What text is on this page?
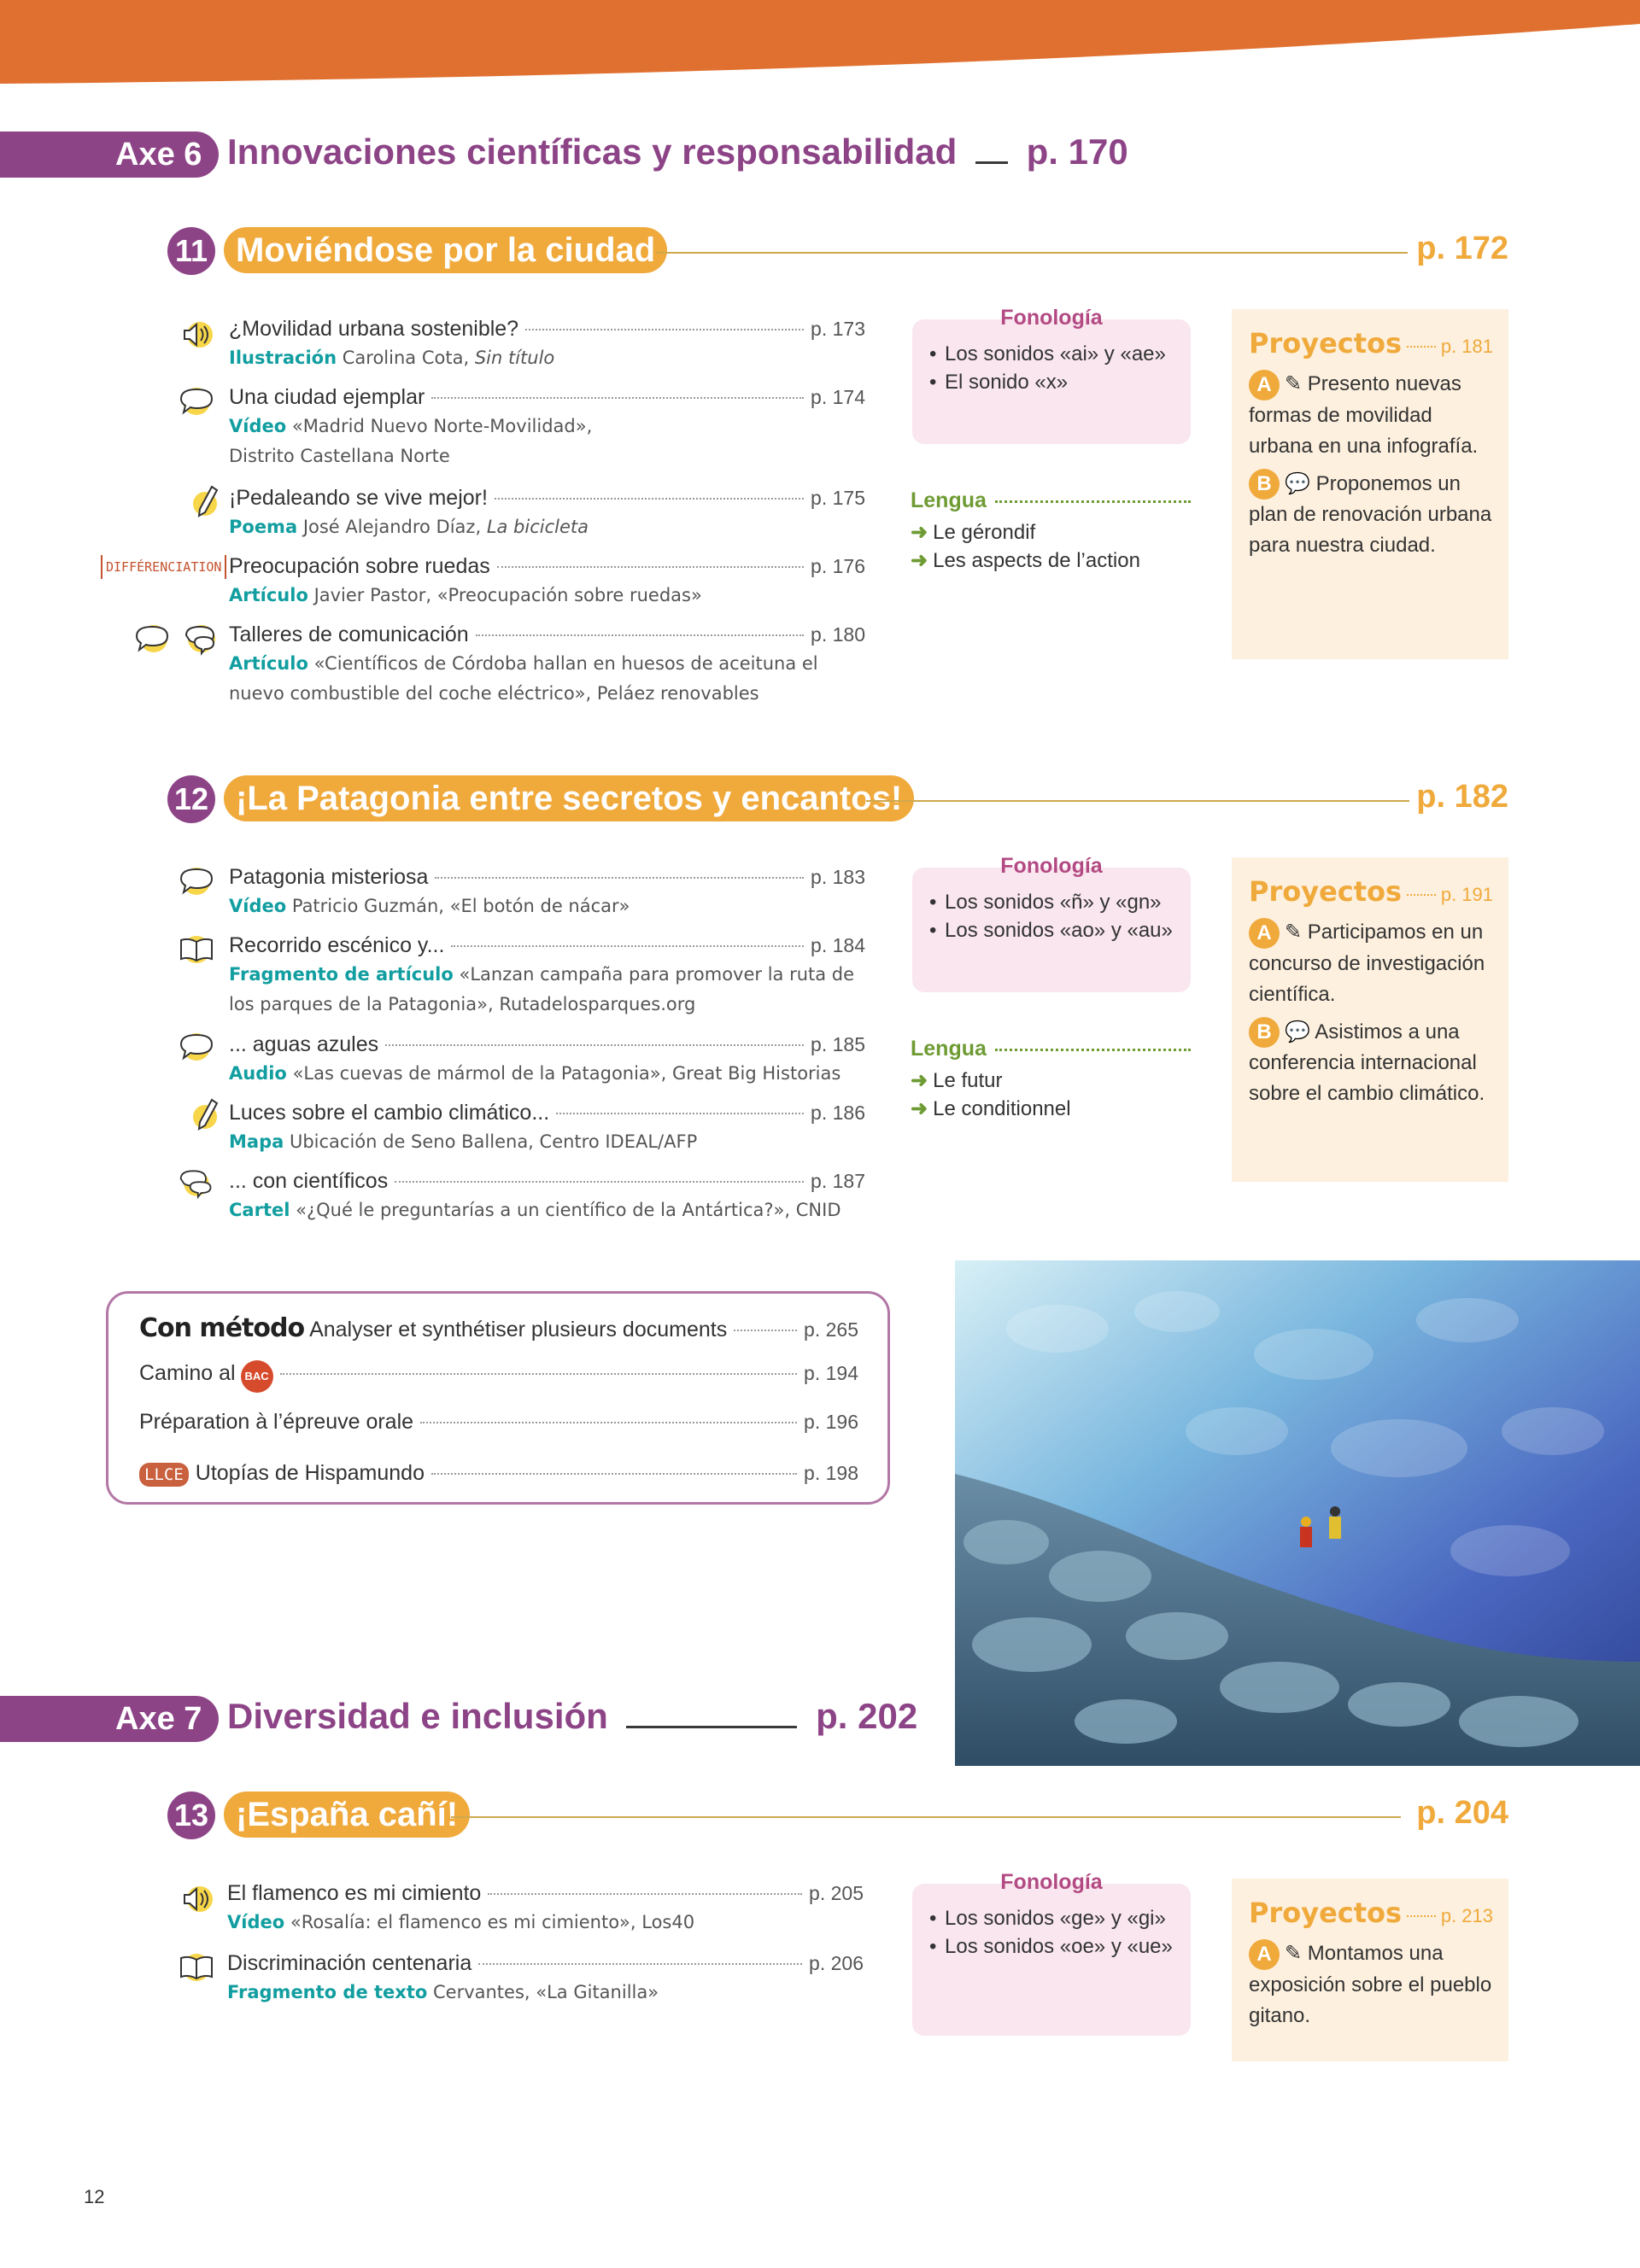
Axe 6 Innovaciones científicas y responsabilidad p. 170
11 Moviéndose por la ciudad	p. 172
¿Movilidad urbana sostenible?	p. 173
Ilustración Carolina Cota, Sin título
Una ciudad ejemplar	p. 174
Vídeo «Madrid Nuevo Norte-Movilidad», Distrito Castellana Norte
¡Pedaleando se vive mejor!	p. 175
Poema José Alejandro Díaz, La bicicleta
DIFFÉRENCIATION Preocupación sobre ruedas	p. 176
Artículo Javier Pastor, «Preocupación sobre ruedas»
Talleres de comunicación	p. 180
Artículo «Científicos de Córdoba hallan en huesos de aceituna el nuevo combustible del coche eléctrico», Peláez renovables
Fonología
• Los sonidos «ai» y «ae»
• El sonido «x»
Lengua
➜ Le gérondif
➜ Les aspects de l’action
Proyectos p. 181
A ✎ Presento nuevas formas de movilidad urbana en una infografía.
B 💬 Proponemos un plan de renovación urbana para nuestra ciudad.
12 ¡La Patagonia entre secretos y encantos!	p. 182
Patagonia misteriosa	p. 183
Vídeo Patricio Guzmán, «El botón de nácar»
Recorrido escénico y...	p. 184
Fragmento de artículo «Lanzan campaña para promover la ruta de los parques de la Patagonia», Rutadelosparques.org
... aguas azules	p. 185
Audio «Las cuevas de mármol de la Patagonia», Great Big Historias
Luces sobre el cambio climático...	p. 186
Mapa Ubicación de Seno Ballena, Centro IDEAL/AFP
... con científicos	p. 187
Cartel «¿Qué le preguntarías a un científico de la Antártica?», CNID
Fonología
• Los sonidos «ñ» y «gn»
• Los sonidos «ao» y «au»
Lengua
➜ Le futur
➜ Le conditionnel
Proyectos p. 191
A ✎ Participamos en un concurso de investigación científica.
B 💬 Asistimos a una conferencia internacional sobre el cambio climático.
Con método Analyser et synthétiser plusieurs documents	p. 265
Camino al BAC	p. 194
Préparation à l’épreuve orale	p. 196
LLCE Utopías de Hispamundo	p. 198
Axe 7 Diversidad e inclusión	p. 202
13 ¡España cañí!	p. 204
El flamenco es mi cimiento	p. 205
Vídeo «Rosalía: el flamenco es mi cimiento», Los40
Discriminación centenaria	p. 206
Fragmento de texto Cervantes, «La Gitanilla»
Fonología
• Los sonidos «ge» y «gi»
• Los sonidos «oe» y «ue»
Proyectos p. 213
A ✎ Montamos una exposición sobre el pueblo gitano.
12
